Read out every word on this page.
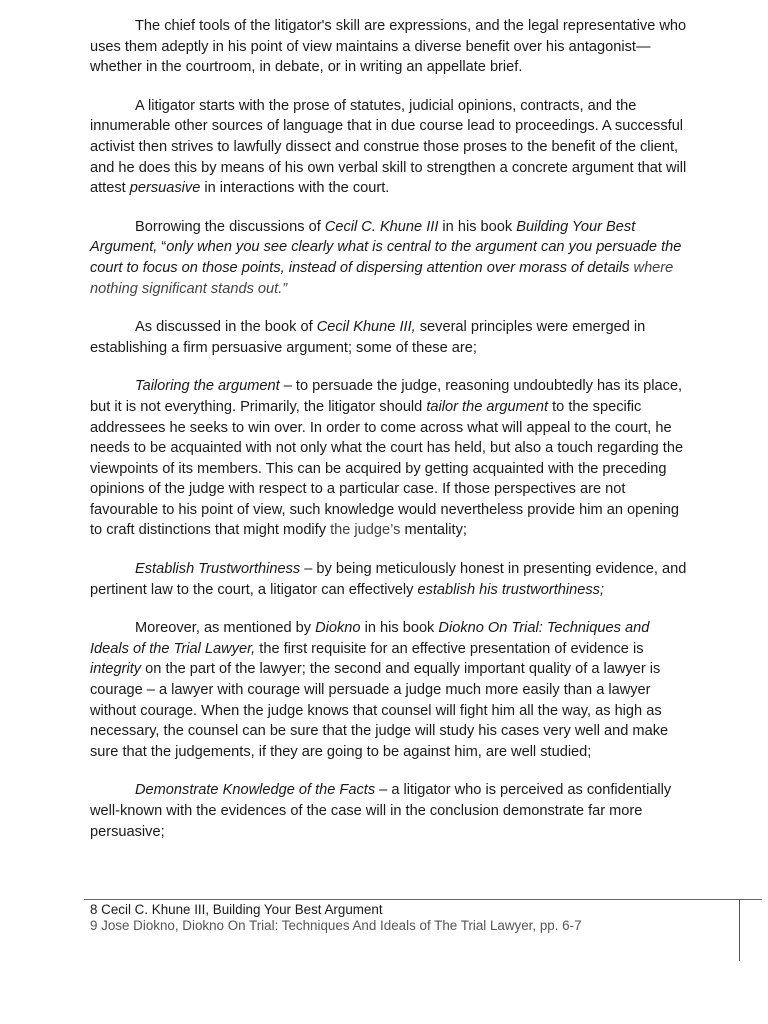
The chief tools of the litigator's skill are expressions, and the legal representative who uses them adeptly in his point of view maintains a diverse benefit over his antagonist—whether in the courtroom, in debate, or in writing an appellate brief.

A litigator starts with the prose of statutes, judicial opinions, contracts, and the innumerable other sources of language that in due course lead to proceedings. A successful activist then strives to lawfully dissect and construe those proses to the benefit of the client, and he does this by means of his own verbal skill to strengthen a concrete argument that will attest persuasive in interactions with the court.

Borrowing the discussions of Cecil C. Khune III in his book Building Your Best Argument, “only when you see clearly what is central to the argument can you persuade the court to focus on those points, instead of dispersing attention over morass of details where nothing significant stands out.”

As discussed in the book of Cecil Khune III, several principles were emerged in establishing a firm persuasive argument; some of these are;

Tailoring the argument – to persuade the judge, reasoning undoubtedly has its place, but it is not everything. Primarily, the litigator should tailor the argument to the specific addressees he seeks to win over. In order to come across what will appeal to the court, he needs to be acquainted with not only what the court has held, but also a touch regarding the viewpoints of its members. This can be acquired by getting acquainted with the preceding opinions of the judge with respect to a particular case. If those perspectives are not favourable to his point of view, such knowledge would nevertheless provide him an opening to craft distinctions that might modify the judge’s mentality;

Establish Trustworthiness – by being meticulously honest in presenting evidence, and pertinent law to the court, a litigator can effectively establish his trustworthiness;

Moreover, as mentioned by Diokno in his book Diokno On Trial: Techniques and Ideals of the Trial Lawyer, the first requisite for an effective presentation of evidence is integrity on the part of the lawyer; the second and equally important quality of a lawyer is courage – a lawyer with courage will persuade a judge much more easily than a lawyer without courage. When the judge knows that counsel will fight him all the way, as high as necessary, the counsel can be sure that the judge will study his cases very well and make sure that the judgements, if they are going to be against him, are well studied;

Demonstrate Knowledge of the Facts – a litigator who is perceived as confidentially well-known with the evidences of the case will in the conclusion demonstrate far more persuasive;

8 Cecil C. Khune III, Building Your Best Argument
9 Jose Diokno, Diokno On Trial: Techniques And Ideals of The Trial Lawyer, pp. 6-7
